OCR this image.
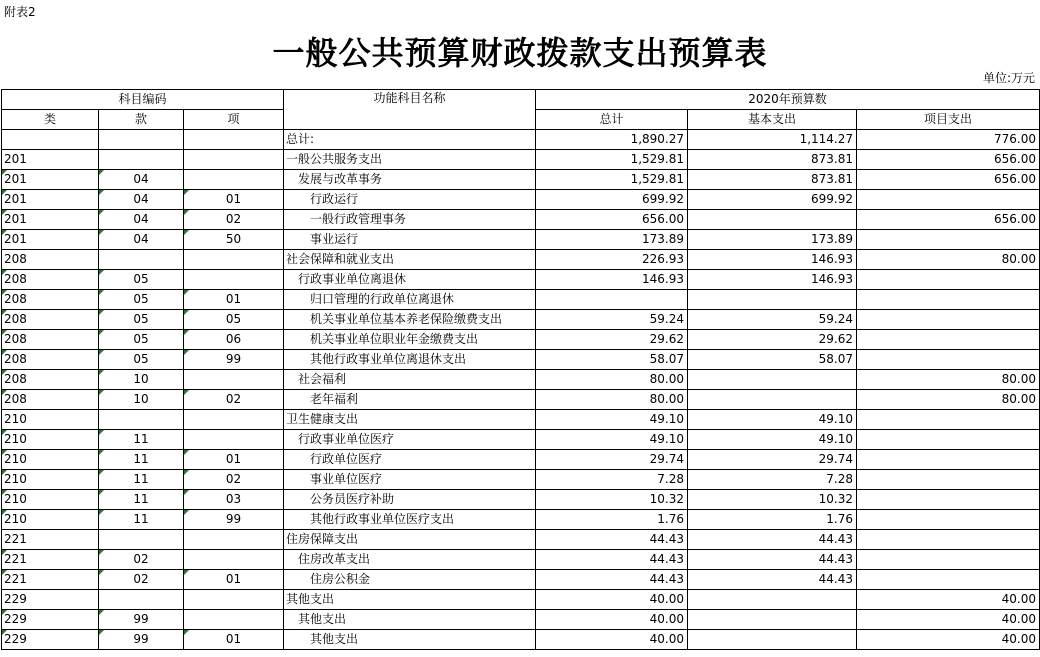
附表2
一般公共预算财政拨款支出预算表
单位:万元
科目编码			功能科目名称	2020年预算数		
类	款	项		总计	基本支出	项目支出
			总计:	1,890.27	1,114.27	776.00
201			一般公共服务支出	1,529.81	873.81	656.00
201	04		发展与改革事务	1,529.81	873.81	656.00
201	04	01	行政运行	699.92	699.92	
201	04	02	一般行政管理事务	656.00		656.00
201	04	50	事业运行	173.89	173.89	
208			社会保障和就业支出	226.93	146.93	80.00
208	05		行政事业单位离退休	146.93	146.93	
208	05	01	归口管理的行政单位离退休			
208	05	05	机关事业单位基本养老保险缴费支出	59.24	59.24	
208	05	06	机关事业单位职业年金缴费支出	29.62	29.62	
208	05	99	其他行政事业单位离退休支出	58.07	58.07	
208	10		社会福利	80.00		80.00
208	10	02	老年福利	80.00		80.00
210			卫生健康支出	49.10	49.10	
210	11		行政事业单位医疗	49.10	49.10	
210	11	01	行政单位医疗	29.74	29.74	
210	11	02	事业单位医疗	7.28	7.28	
210	11	03	公务员医疗补助	10.32	10.32	
210	11	99	其他行政事业单位医疗支出	1.76	1.76	
221			住房保障支出	44.43	44.43	
221	02		住房改革支出	44.43	44.43	
221	02	01	住房公积金	44.43	44.43	
229			其他支出	40.00		40.00
229	99		其他支出	40.00		40.00
229	99	01	其他支出	40.00		40.00
